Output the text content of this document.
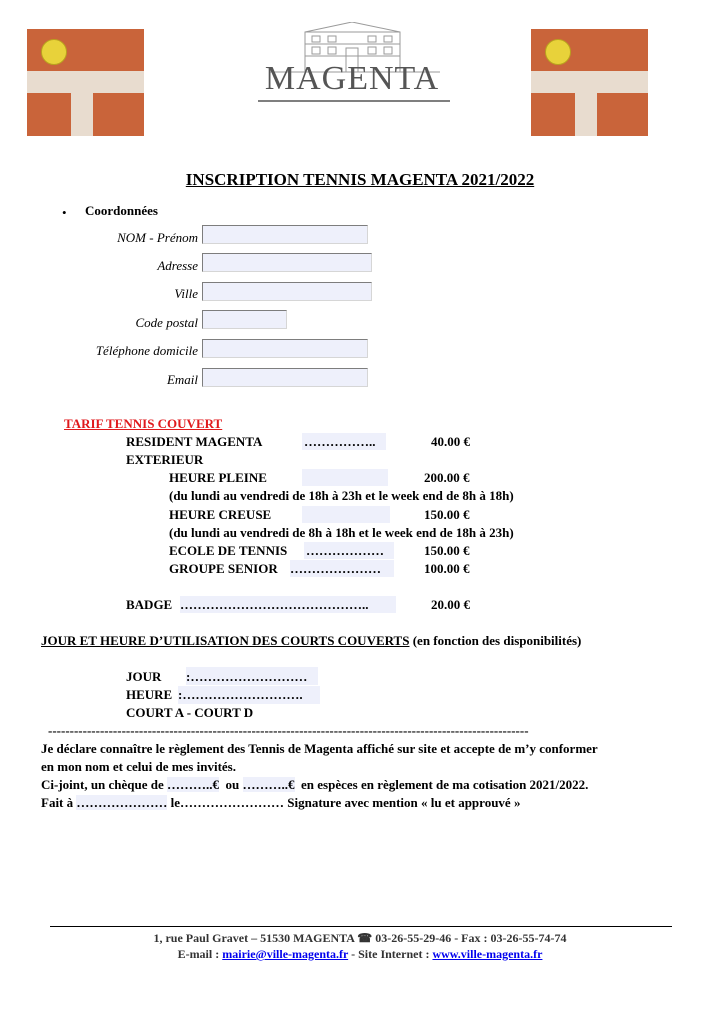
MAGENTA
INSCRIPTION TENNIS MAGENTA 2021/2022
• Coordonnées
NOM - Prénom
Adresse
Ville
Code postal
Téléphone domicile
Email
TARIF TENNIS COUVERT
RESIDENT MAGENTA	……………..	40.00 €
EXTERIEUR
HEURE PLEINE	200.00 €
(du lundi au vendredi de 18h à 23h et le week end de 8h à 18h)
HEURE CREUSE	150.00 €
(du lundi au vendredi de 8h à 18h et le week end de 18h à 23h)
ECOLE DE TENNIS ………………	150.00 €
GROUPE SENIOR …………………	100.00 €
BADGE ……………………………………..	20.00 €
JOUR ET HEURE D’UTILISATION DES COURTS COUVERTS (en fonction des disponibilités)
JOUR :………………………
HEURE :……………………….
COURT A - COURT D
---------------------------------------------------------------------------------------------------------------
Je déclare connaître le règlement des Tennis de Magenta affiché sur site et accepte de m’y conformer
en mon nom et celui de mes invités.
Ci-joint, un chèque de ………..€ ou ………..€ en espèces en règlement de ma cotisation 2021/2022.
Fait à ………………… le…………………… Signature avec mention « lu et approuvé »
1, rue Paul Gravet – 51530 MAGENTA ☎ 03-26-55-29-46 - Fax : 03-26-55-74-74
E-mail : mairie@ville-magenta.fr - Site Internet : www.ville-magenta.fr
